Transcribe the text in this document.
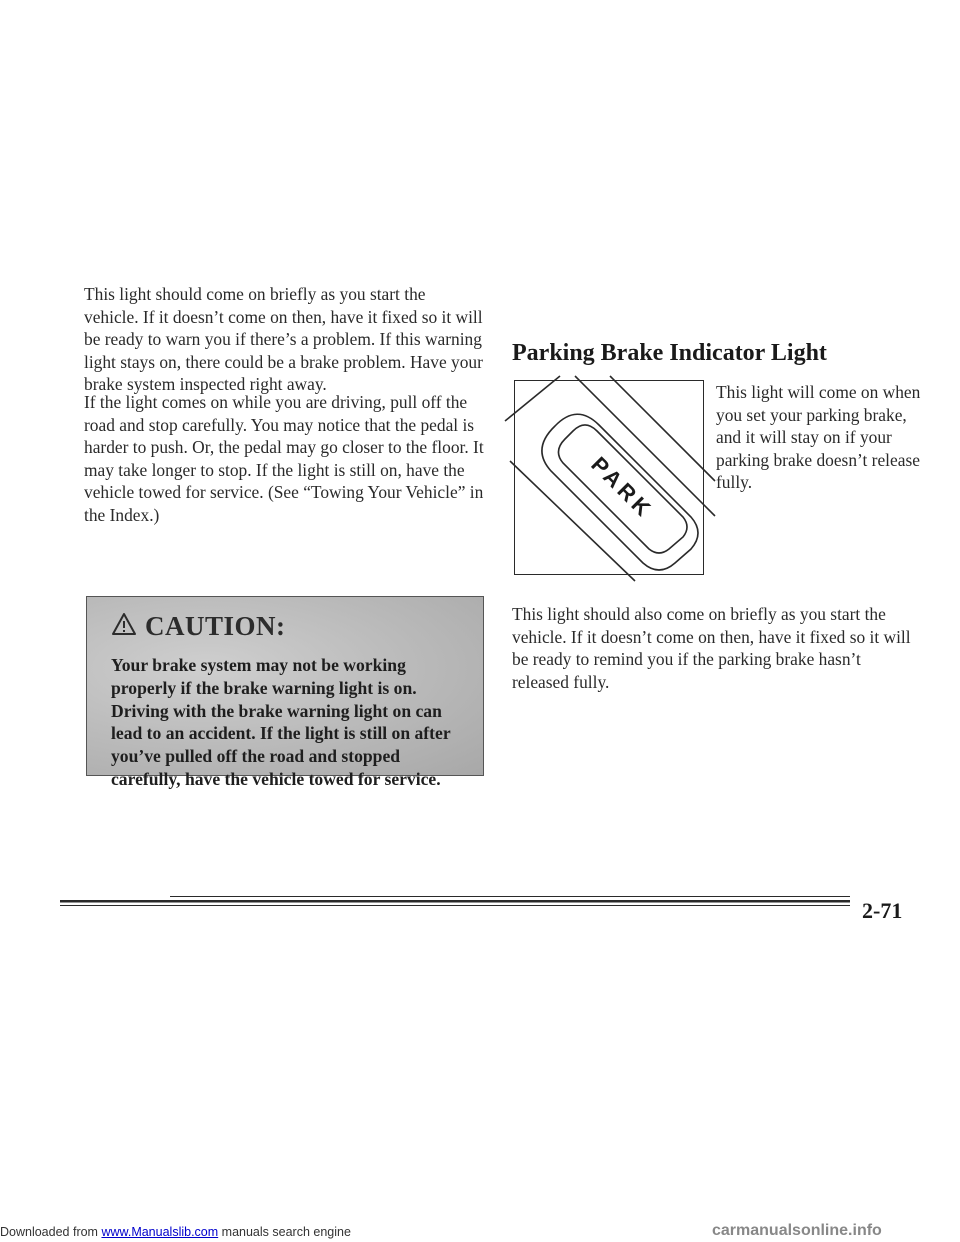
This light should come on briefly as you start the vehicle. If it doesn’t come on then, have it fixed so it will be ready to warn you if there’s a problem. If this warning light stays on, there could be a brake problem. Have your brake system inspected right away.

If the light comes on while you are driving, pull off the road and stop carefully. You may notice that the pedal is harder to push. Or, the pedal may go closer to the floor. It may take longer to stop. If the light is still on, have the vehicle towed for service. (See “Towing Your Vehicle” in the Index.)

CAUTION:

Your brake system may not be working properly if the brake warning light is on. Driving with the brake warning light on can lead to an accident. If the light is still on after you’ve pulled off the road and stopped carefully, have the vehicle towed for service.

Parking Brake Indicator Light
PARK

This light will come on when you set your parking brake, and it will stay on if your parking brake doesn’t release fully.

This light should also come on briefly as you start the vehicle. If it doesn’t come on then, have it fixed so it will be ready to remind you if the parking brake hasn’t released fully.

2-71

Downloaded from www.Manualslib.com manuals search engine	carmanualsonline.info
